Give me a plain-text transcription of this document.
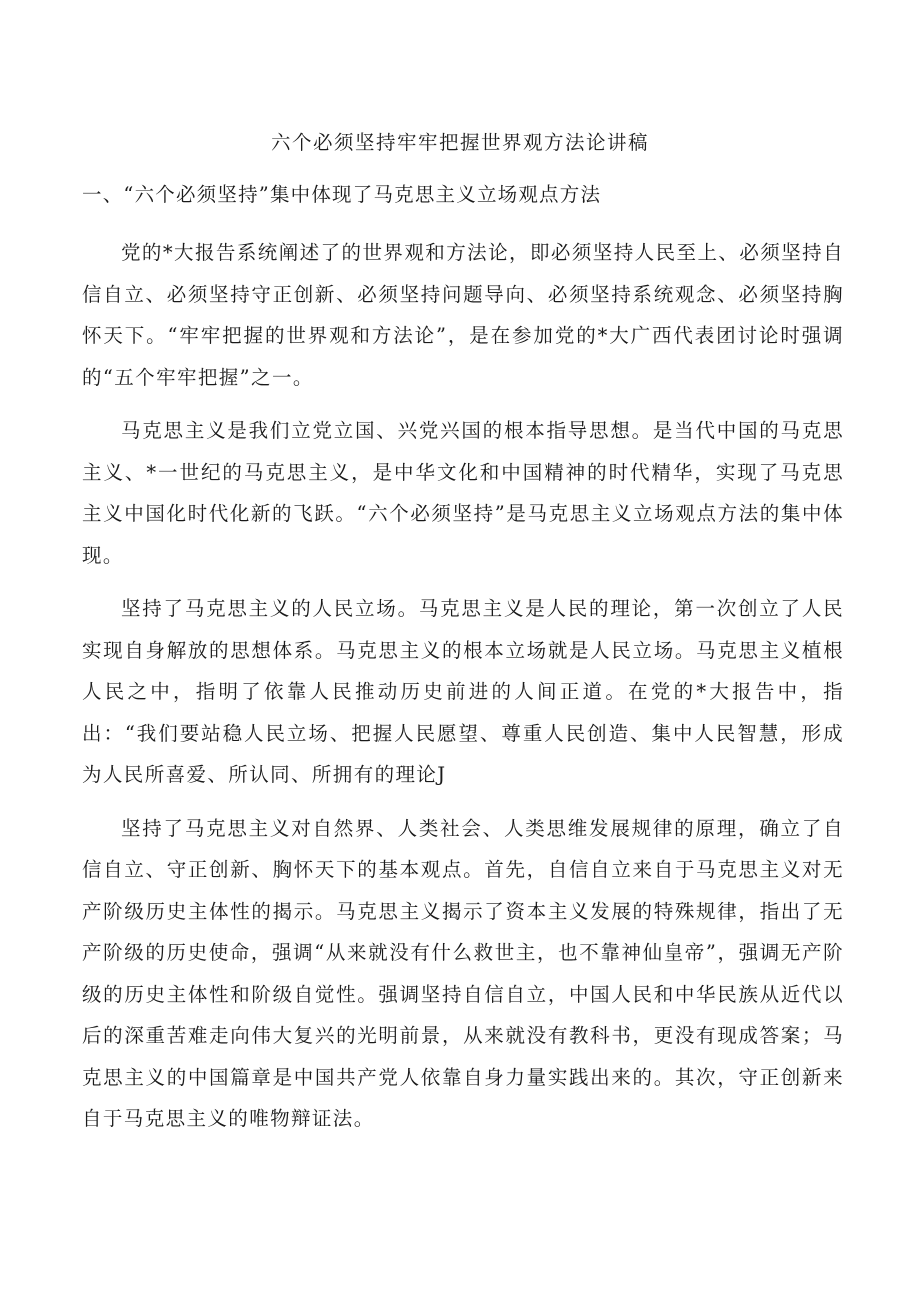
六个必须坚持牢牢把握世界观方法论讲稿
一、“六个必须坚持”集中体现了马克思主义立场观点方法

党的*大报告系统阐述了的世界观和方法论，即必须坚持人民至上、必须坚持自信自立、必须坚持守正创新、必须坚持问题导向、必须坚持系统观念、必须坚持胸怀天下。“牢牢把握的世界观和方法论”，是在参加党的*大广西代表团讨论时强调的“五个牢牢把握”之一。

马克思主义是我们立党立国、兴党兴国的根本指导思想。是当代中国的马克思主义、*一世纪的马克思主义，是中华文化和中国精神的时代精华，实现了马克思主义中国化时代化新的飞跃。“六个必须坚持”是马克思主义立场观点方法的集中体现。

坚持了马克思主义的人民立场。马克思主义是人民的理论，第一次创立了人民实现自身解放的思想体系。马克思主义的根本立场就是人民立场。马克思主义植根人民之中，指明了依靠人民推动历史前进的人间正道。在党的*大报告中，指出：“我们要站稳人民立场、把握人民愿望、尊重人民创造、集中人民智慧，形成为人民所喜爱、所认同、所拥有的理论J

坚持了马克思主义对自然界、人类社会、人类思维发展规律的原理，确立了自信自立、守正创新、胸怀天下的基本观点。首先，自信自立来自于马克思主义对无产阶级历史主体性的揭示。马克思主义揭示了资本主义发展的特殊规律，指出了无产阶级的历史使命，强调“从来就没有什么救世主，也不靠神仙皇帝”，强调无产阶级的历史主体性和阶级自觉性。强调坚持自信自立，中国人民和中华民族从近代以后的深重苦难走向伟大复兴的光明前景，从来就没有教科书，更没有现成答案；马克思主义的中国篇章是中国共产党人依靠自身力量实践出来的。其次，守正创新来自于马克思主义的唯物辩证法。
